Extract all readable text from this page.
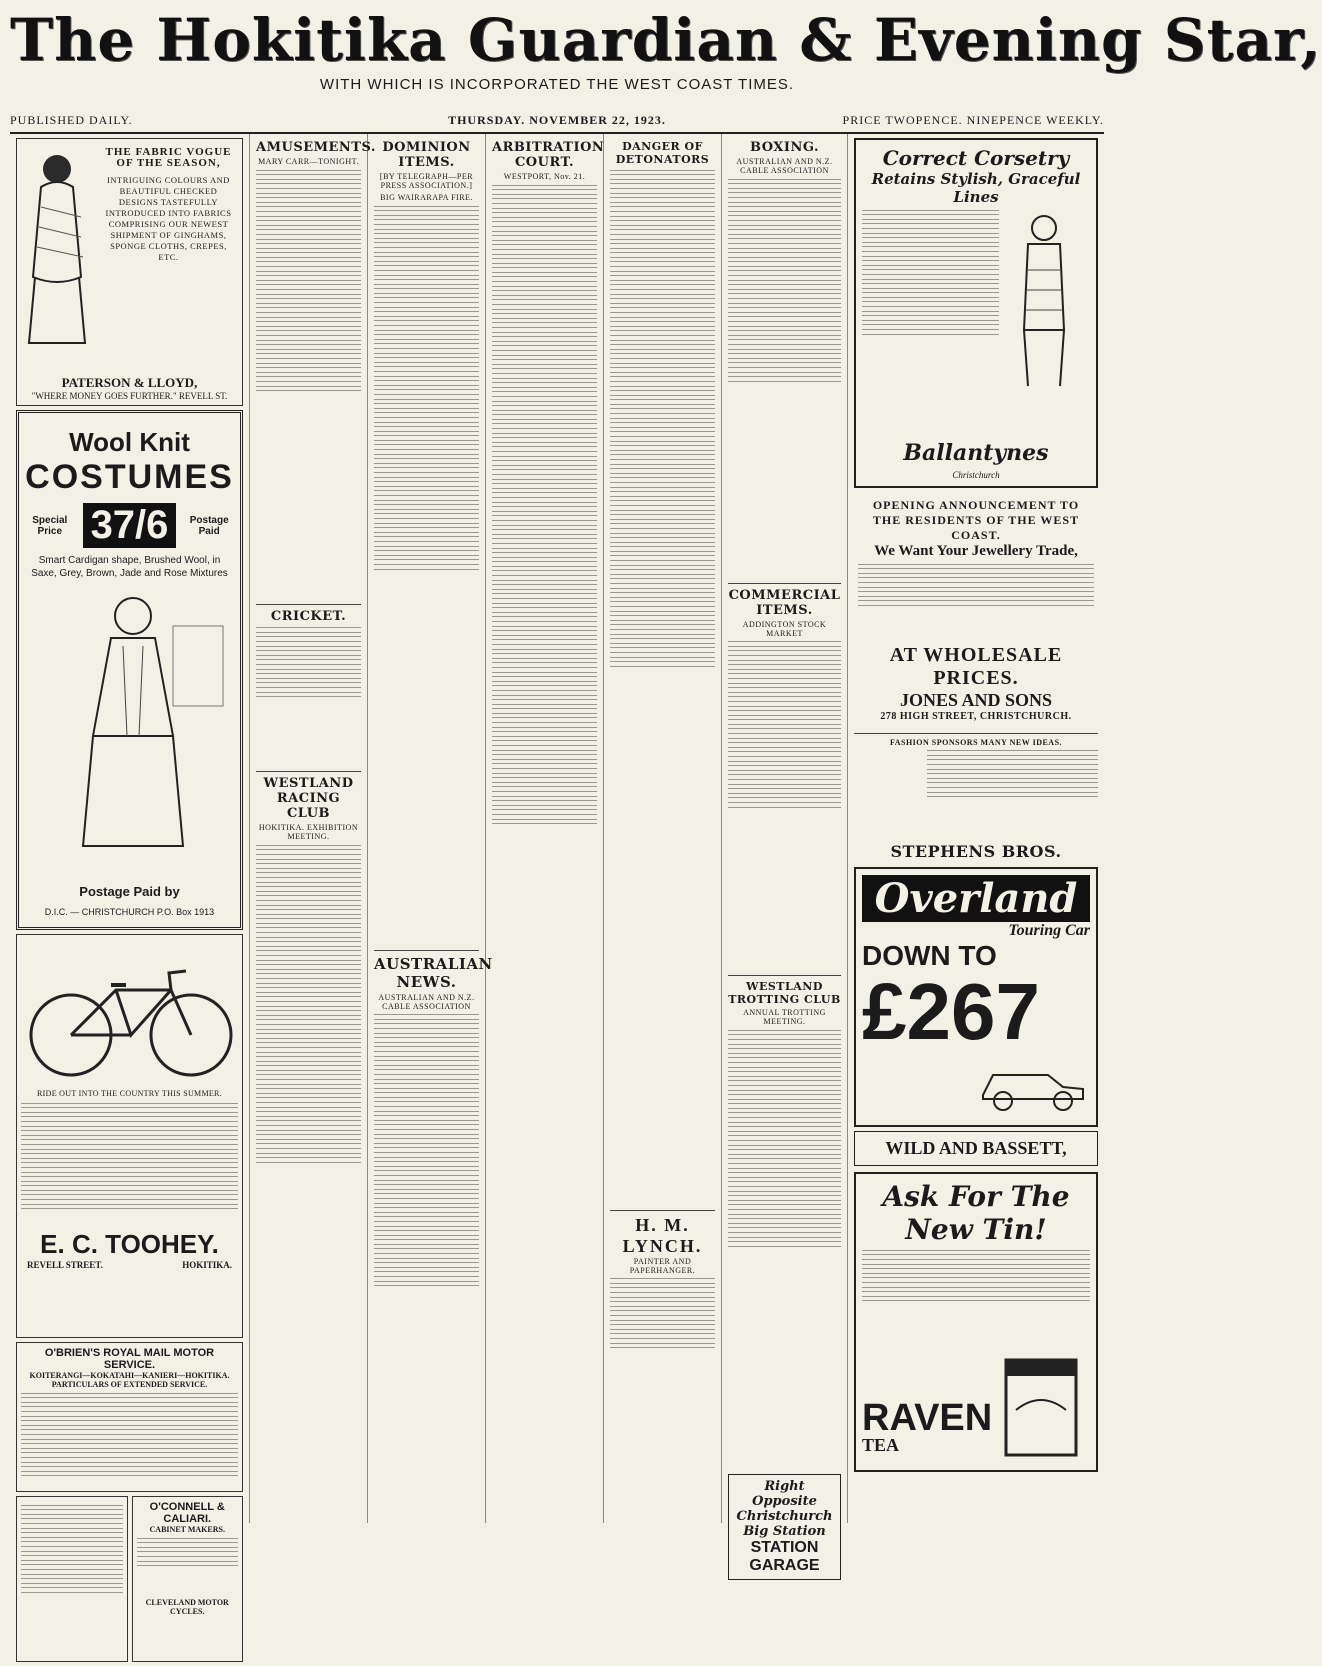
The Hokitika Guardian & Evening Star,
WITH WHICH IS INCORPORATED THE WEST COAST TIMES.
PUBLISHED DAILY.	THURSDAY. NOVEMBER 22, 1923.	PRICE TWOPENCE. NINEPENCE WEEKLY.
THE FABRIC VOGUE OF THE SEASON,
INTRIGUING COLOURS AND BEAUTIFUL CHECKED DESIGNS TASTEFULLY INTRODUCED INTO FABRICS COMPRISING OUR NEWEST SHIPMENT OF GINGHAMS, SPONGE CLOTHS, CREPES, ETC.
PATERSON & LLOYD,
"WHERE MONEY GOES FURTHER." REVELL ST.
Wool Knit
COSTUMES
Special Price 37/6	Postage Paid
Smart Cardigan shape, Brushed Wool, in Saxe, Grey, Brown, Jade and Rose Mixtures
Postage Paid by
D.I.C. — CHRISTCHURCH P.O. Box 1913
RIDE OUT INTO THE COUNTRY THIS SUMMER.
E. C. TOOHEY.
REVELL STREET.	HOKITIKA.
O'BRIEN'S ROYAL MAIL MOTOR SERVICE.
KOITERANGI—KOKATAHI—KANIERI—HOKITIKA.
PARTICULARS OF EXTENDED SERVICE.
O'CONNELL & CALIARI.
CABINET MAKERS.
CLEVELAND MOTOR CYCLES.
AMUSEMENTS.
MARY CARR—TONIGHT.
CRICKET.
WESTLAND RACING CLUB
HOKITIKA. EXHIBITION MEETING.
DOMINION ITEMS.
[BY TELEGRAPH—PER PRESS ASSOCIATION.]
BIG WAIRARAPA FIRE.
AUSTRALIAN NEWS.
AUSTRALIAN AND N.Z. CABLE ASSOCIATION
ARBITRATION COURT.
WESTPORT, Nov. 21.
DANGER OF DETONATORS
H. M. LYNCH.
PAINTER AND PAPERHANGER.
BOXING.
AUSTRALIAN AND N.Z. CABLE ASSOCIATION
COMMERCIAL ITEMS.
ADDINGTON STOCK MARKET
WESTLAND TROTTING CLUB
ANNUAL TROTTING MEETING.
Right Opposite
Christchurch Big Station
STATION GARAGE
Correct Corsetry
Retains Stylish, Graceful Lines
Ballantynes
Christchurch
OPENING ANNOUNCEMENT TO THE RESIDENTS OF THE WEST COAST.
We Want Your Jewellery Trade,
AT WHOLESALE PRICES.
JONES AND SONS
278 HIGH STREET, CHRISTCHURCH.
FASHION SPONSORS MANY NEW IDEAS.
STEPHENS BROS.
Overland
Touring Car
DOWN TO
£267
WILD AND BASSETT,
Ask For The New Tin!
RAVEN
TEA
